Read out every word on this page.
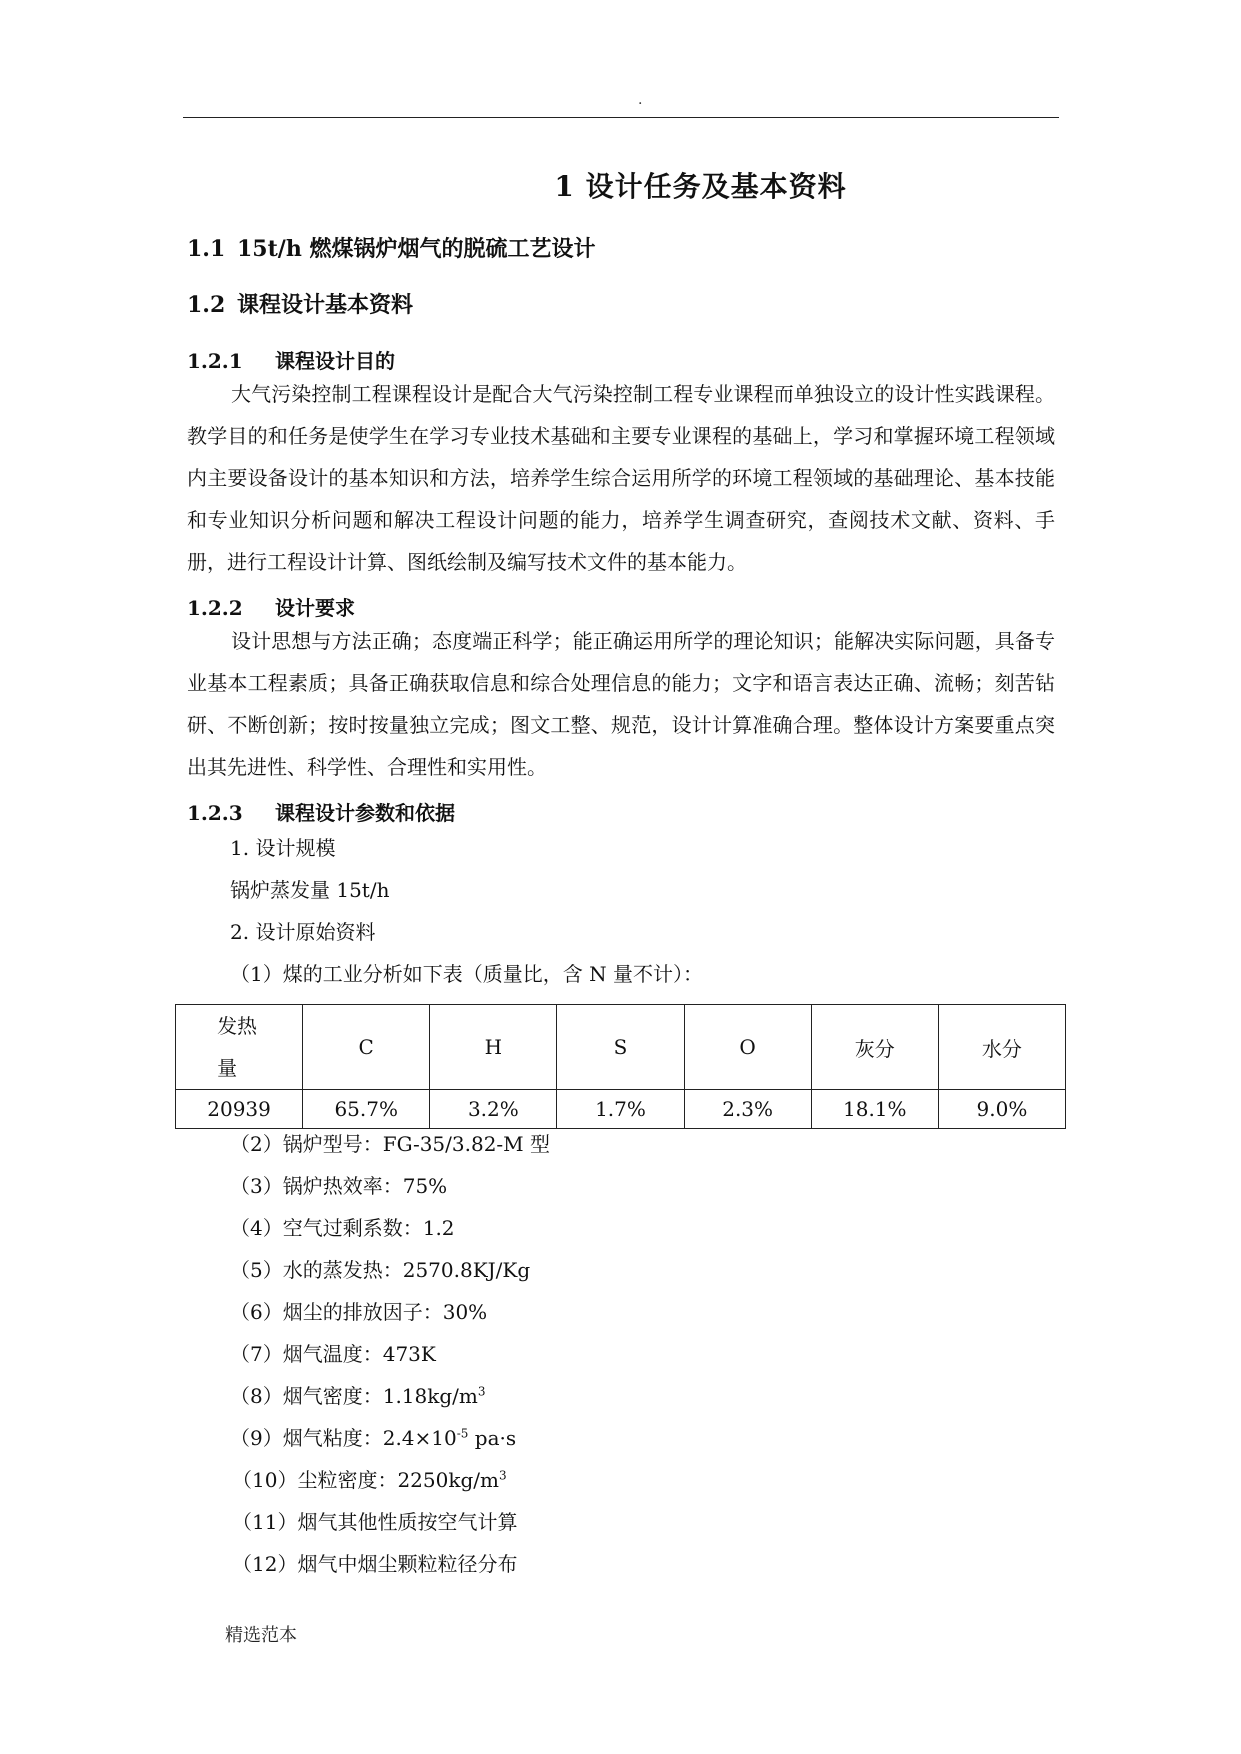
.
1 设计任务及基本资料
1.1 15t/h 燃煤锅炉烟气的脱硫工艺设计
1.2 课程设计基本资料
1.2.1 课程设计目的
大气污染控制工程课程设计是配合大气污染控制工程专业课程而单独设立的设计性实践课程。教学目的和任务是使学生在学习专业技术基础和主要专业课程的基础上，学习和掌握环境工程领域内主要设备设计的基本知识和方法，培养学生综合运用所学的环境工程领域的基础理论、基本技能和专业知识分析问题和解决工程设计问题的能力，培养学生调查研究，查阅技术文献、资料、手册，进行工程设计计算、图纸绘制及编写技术文件的基本能力。
1.2.2 设计要求
设计思想与方法正确；态度端正科学；能正确运用所学的理论知识；能解决实际问题，具备专业基本工程素质；具备正确获取信息和综合处理信息的能力；文字和语言表达正确、流畅；刻苦钻研、不断创新；按时按量独立完成；图文工整、规范，设计计算准确合理。整体设计方案要重点突出其先进性、科学性、合理性和实用性。
1.2.3 课程设计参数和依据
1. 设计规模
锅炉蒸发量 15t/h
2. 设计原始资料
（1）煤的工业分析如下表（质量比，含 N 量不计）：
发热量	C	H	S	O	灰分	水分
20939	65.7%	3.2%	1.7%	2.3%	18.1%	9.0%
（2）锅炉型号：FG-35/3.82-M 型
（3）锅炉热效率：75%
（4）空气过剩系数：1.2
（5）水的蒸发热：2570.8KJ/Kg
（6）烟尘的排放因子：30%
（7）烟气温度：473K
（8）烟气密度：$1.18kg/m^3$
（9）烟气粘度：$2.4\times 10^{-5}$ pa·s
（10）尘粒密度：$2250kg/m^3$
（11）烟气其他性质按空气计算
（12）烟气中烟尘颗粒粒径分布
精选范本
